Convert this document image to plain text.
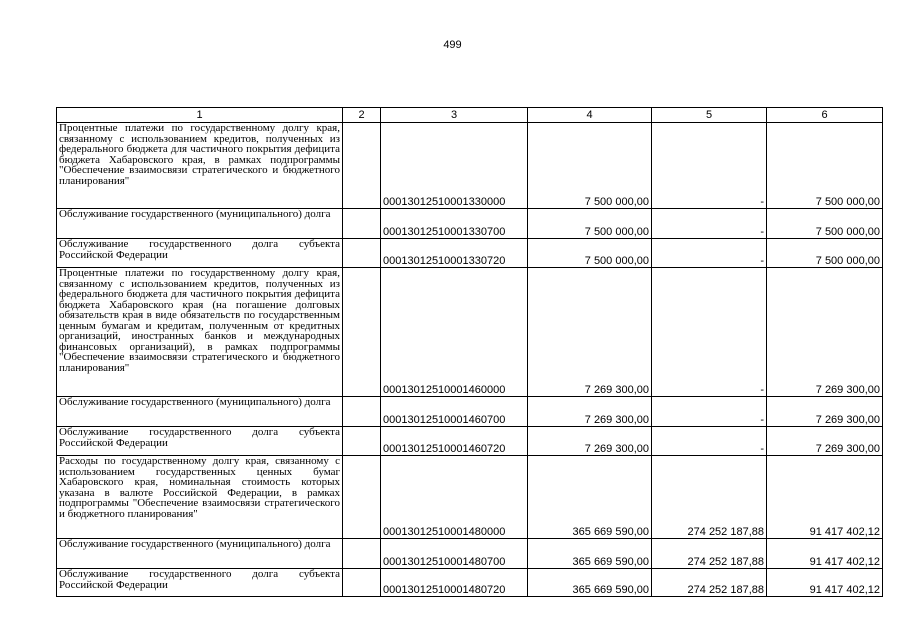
499
1	2	3	4	5	6
Процентные платежи по государственному долгу края, связанному с использованием кредитов, полученных из федерального бюджета для частичного покрытия дефицита бюджета Хабаровского края, в рамках подпрограммы "Обеспечение взаимосвязи стратегического и бюджетного планирования"		00013012510001330000	7 500 000,00	-	7 500 000,00
Обслуживание государственного (муниципального) долга		00013012510001330700	7 500 000,00	-	7 500 000,00
Обслуживание государственного долга субъекта Российской Федерации		00013012510001330720	7 500 000,00	-	7 500 000,00
Процентные платежи по государственному долгу края, связанному с использованием кредитов, полученных из федерального бюджета для частичного покрытия дефицита бюджета Хабаровского края (на погашение долговых обязательств края в виде обязательств по государственным ценным бумагам и кредитам, полученным от кредитных организаций, иностранных банков и международных финансовых организаций), в рамках подпрограммы "Обеспечение взаимосвязи стратегического и бюджетного планирования"		00013012510001460000	7 269 300,00	-	7 269 300,00
Обслуживание государственного (муниципального) долга		00013012510001460700	7 269 300,00	-	7 269 300,00
Обслуживание государственного долга субъекта Российской Федерации		00013012510001460720	7 269 300,00	-	7 269 300,00
Расходы по государственному долгу края, связанному с использованием государственных ценных бумаг Хабаровского края, номинальная стоимость которых указана в валюте Российской Федерации, в рамках подпрограммы "Обеспечение взаимосвязи стратегического и бюджетного планирования"		00013012510001480000	365 669 590,00	274 252 187,88	91 417 402,12
Обслуживание государственного (муниципального) долга		00013012510001480700	365 669 590,00	274 252 187,88	91 417 402,12
Обслуживание государственного долга субъекта Российской Федерации		00013012510001480720	365 669 590,00	274 252 187,88	91 417 402,12
